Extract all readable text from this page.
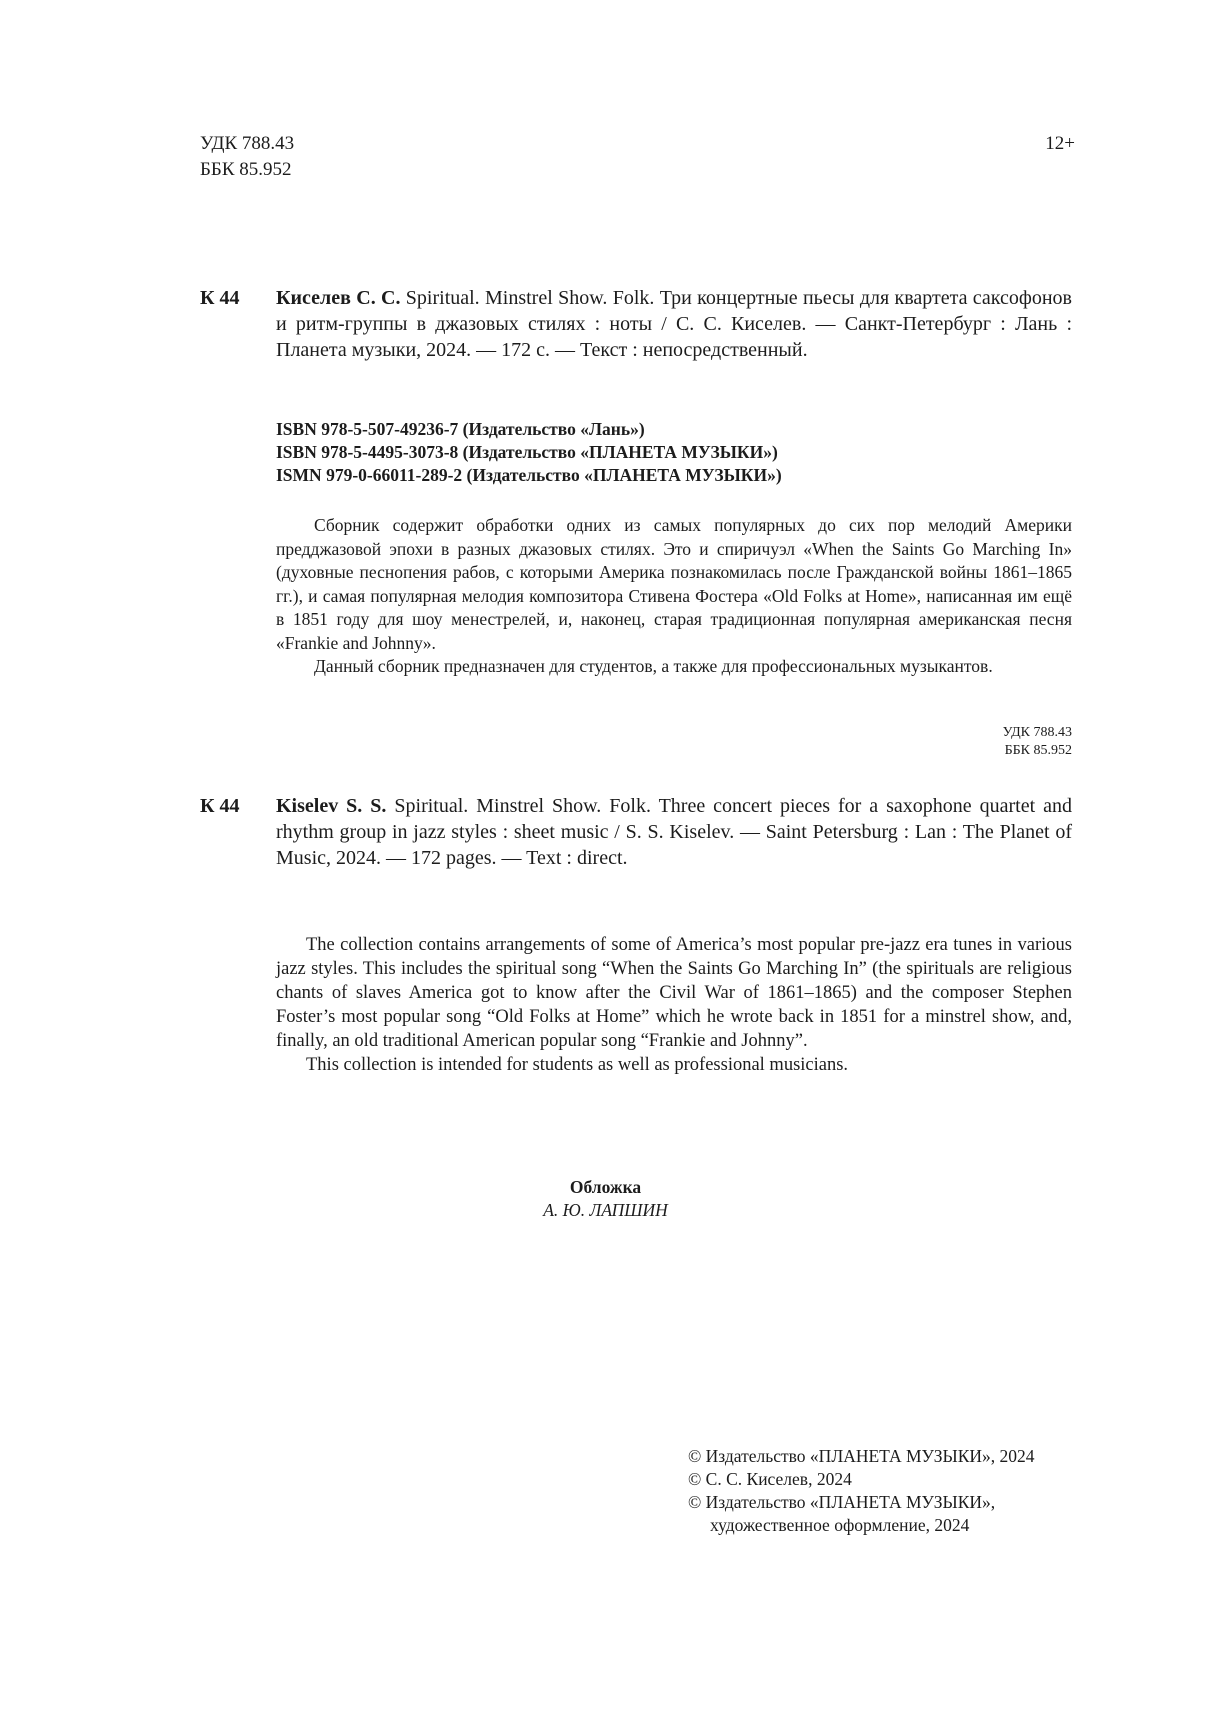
УДК 788.43
ББК 85.952
12+
К 44 Киселев С. С. Spiritual. Minstrel Show. Folk. Три концертные пьесы для квартета саксофонов и ритм-группы в джазовых стилях : ноты / С. С. Киселев. — Санкт-Петербург : Лань : Планета музыки, 2024. — 172 с. — Текст : непосредственный.
ISBN 978-5-507-49236-7 (Издательство «Лань»)
ISBN 978-5-4495-3073-8 (Издательство «ПЛАНЕТА МУЗЫКИ»)
ISMN 979-0-66011-289-2 (Издательство «ПЛАНЕТА МУЗЫКИ»)

Сборник содержит обработки одних из самых популярных до сих пор мелодий Америки предджазовой эпохи в разных джазовых стилях. Это и спиричуэл «When the Saints Go Marching In» (духовные песнопения рабов, с которыми Америка познакомилась после Гражданской войны 1861–1865 гг.), и самая популярная мелодия композитора Стивена Фостера «Old Folks at Home», написанная им ещё в 1851 году для шоу менестрелей, и, наконец, старая традиционная популярная американская песня «Frankie and Johnny».

Данный сборник предназначен для студентов, а также для профессиональных музыкантов.

УДК 788.43
ББК 85.952
К 44 Kiselev S. S. Spiritual. Minstrel Show. Folk. Three concert pieces for a saxophone quartet and rhythm group in jazz styles : sheet music / S. S. Kiselev. — Saint Petersburg : Lan : The Planet of Music, 2024. — 172 pages. — Text : direct.

The collection contains arrangements of some of America’s most popular pre-jazz era tunes in various jazz styles. This includes the spiritual song “When the Saints Go Marching In” (the spirituals are religious chants of slaves America got to know after the Civil War of 1861–1865) and the composer Stephen Foster’s most popular song “Old Folks at Home” which he wrote back in 1851 for a minstrel show, and, finally, an old traditional American popular song “Frankie and Johnny”.

This collection is intended for students as well as professional musicians.

Обложка
А. Ю. ЛАПШИН
© Издательство «ПЛАНЕТА МУЗЫКИ», 2024
© С. С. Киселев, 2024
© Издательство «ПЛАНЕТА МУЗЫКИ»,
художественное оформление, 2024
